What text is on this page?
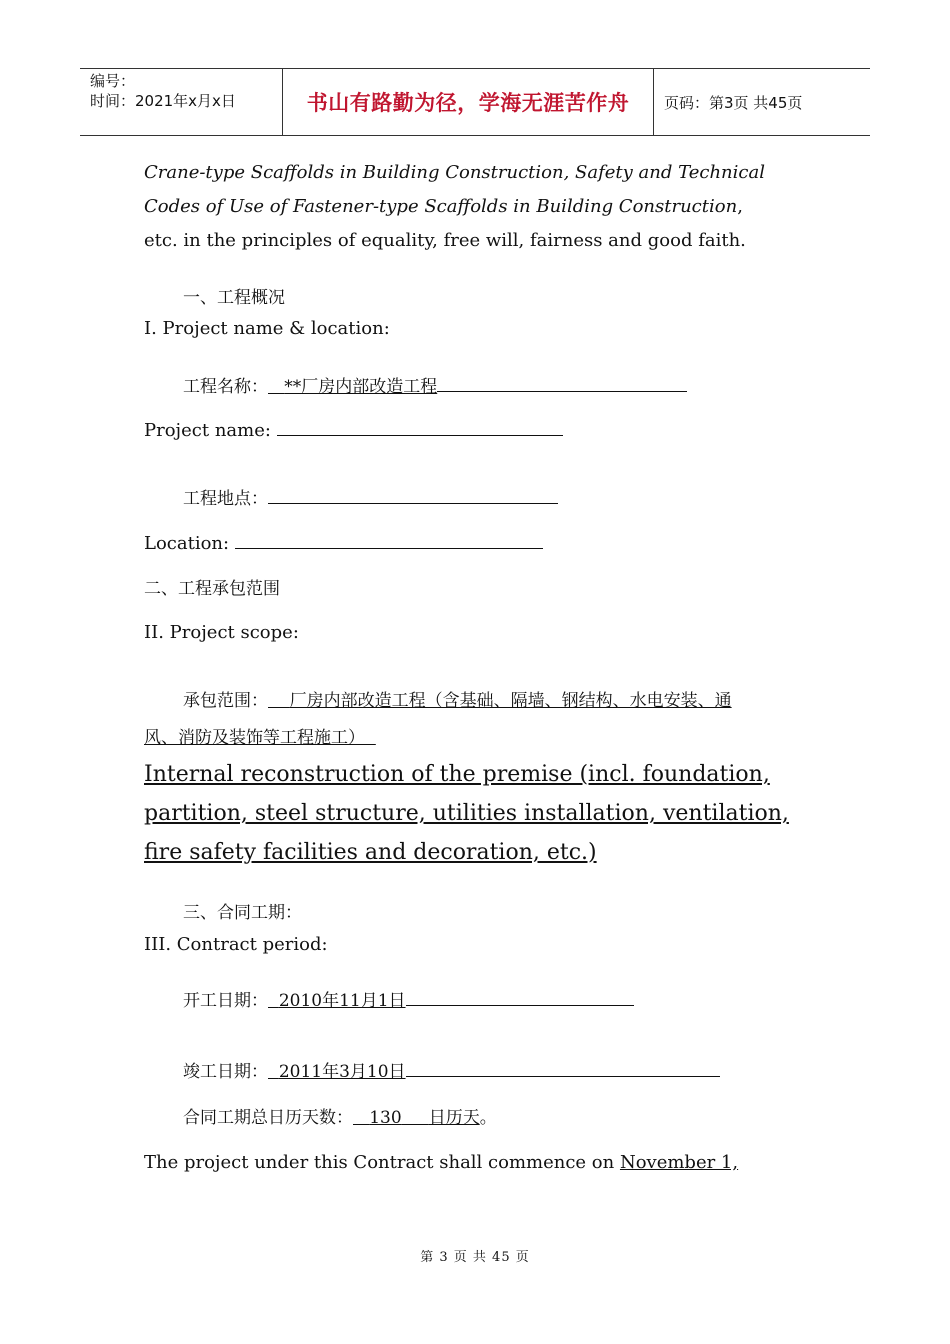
编号：
时间：2021年x月x日	书山有路勤为径，学海无涯苦作舟	页码：第3页 共45页
Crane-type Scaffolds in Building Construction, Safety and Technical
Codes of Use of Fastener-type Scaffolds in Building Construction,
etc. in the principles of equality, free will, fairness and good faith.
一、工程概况
I. Project name & location:
工程名称： **厂房内部改造工程
Project name:
工程地点：
Location:
二、工程承包范围
II. Project scope:
承包范围： 厂房内部改造工程（含基础、隔墙、钢结构、水电安装、通
风、消防及装饰等工程施工）
Internal reconstruction of the premise (incl. foundation,
partition, steel structure, utilities installation, ventilation,
fire safety facilities and decoration, etc.)
三、合同工期：
III. Contract period:
开工日期： 2010年11月1日
竣工日期： 2011年3月10日
合同工期总日历天数： 130 日历天。
The project under this Contract shall commence on November 1,
第 3 页 共 45 页
